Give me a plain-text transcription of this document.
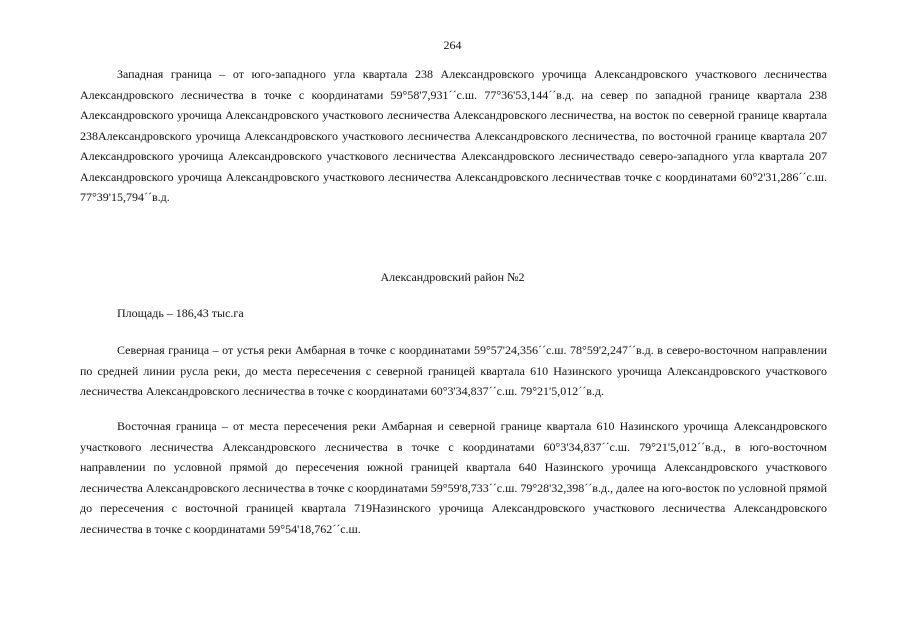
264

Западная граница – от юго-западного угла квартала 238 Александровского урочища Александровского участкового лесничества Александровского лесничества в точке с координатами 59°58'7,931´´с.ш. 77°36'53,144´´в.д. на север по западной границе квартала 238 Александровского урочища Александровского участкового лесничества Александровского лесничества, на восток по северной границе квартала 238Александровского урочища Александровского участкового лесничества Александровского лесничества, по восточной границе квартала 207 Александровского урочища Александровского участкового лесничества Александровского лесничествадо северо-западного угла квартала 207 Александровского урочища Александровского участкового лесничества Александровского лесничествав точке с координатами 60°2'31,286´´с.ш. 77°39'15,794´´в.д.

Александровский район №2

Площадь – 186,43 тыс.га

Северная граница – от устья реки Амбарная в точке с координатами 59°57'24,356´´с.ш. 78°59'2,247´´в.д. в северо-восточном направлении по средней линии русла реки, до места пересечения с северной границей квартала 610 Назинского урочища Александровского участкового лесничества Александровского лесничества в точке с координатами 60°3'34,837´´с.ш. 79°21'5,012´´в.д.

Восточная граница – от места пересечения реки Амбарная и северной границе квартала 610 Назинского урочища Александровского участкового лесничества Александровского лесничества в точке с координатами 60°3'34,837´´с.ш. 79°21'5,012´´в.д., в юго-восточном направлении по условной прямой до пересечения южной границей квартала 640 Назинского урочища Александровского участкового лесничества Александровского лесничества в точке с координатами 59°59'8,733´´с.ш. 79°28'32,398´´в.д., далее на юго-восток по условной прямой до пересечения с восточной границей квартала 719Назинского урочища Александровского участкового лесничества Александровского лесничества в точке с координатами 59°54'18,762´´с.ш.
